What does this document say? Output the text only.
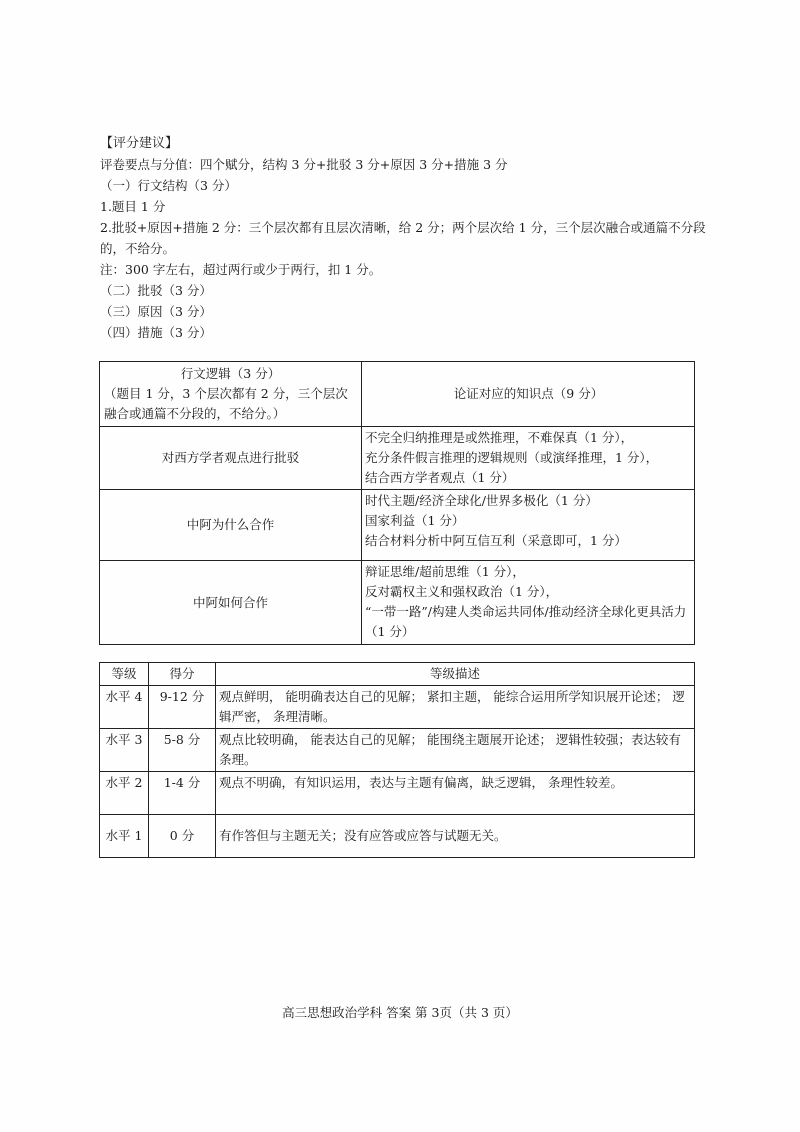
【评分建议】
评卷要点与分值：四个赋分，结构 3 分+批驳 3 分+原因 3 分+措施 3 分
（一）行文结构（3 分）
1.题目 1 分
2.批驳+原因+措施 2 分：三个层次都有且层次清晰，给 2 分；两个层次给 1 分，三个层次融合或通篇不分段的，不给分。
注：300 字左右，超过两行或少于两行，扣 1 分。
（二）批驳（3 分）
（三）原因（3 分）
（四）措施（3 分）
行文逻辑（3 分）
（题目 1 分，3 个层次都有 2 分，三个层次融合或通篇不分段的，不给分。）	论证对应的知识点（9 分）
对西方学者观点进行批驳	不完全归纳推理是或然推理，不难保真（1 分），
充分条件假言推理的逻辑规则（或演绎推理，1 分），
结合西方学者观点（1 分）

中阿为什么合作	时代主题/经济全球化/世界多极化（1 分）
国家利益（1 分）
结合材料分析中阿互信互利（采意即可，1 分）

中阿如何合作	辩证思维/超前思维（1 分），
反对霸权主义和强权政治（1 分），
“一带一路”/构建人类命运共同体/推动经济全球化更具活力（1 分）
等级	得分	等级描述
水平 4	9-12 分	观点鲜明， 能明确表达自己的见解； 紧扣主题， 能综合运用所学知识展开论述； 逻辑严密， 条理清晰。
水平 3	5-8 分	观点比较明确， 能表达自己的见解； 能围绕主题展开论述； 逻辑性较强；表达较有条理。
水平 2	1-4 分	观点不明确，有知识运用，表达与主题有偏离，缺乏逻辑， 条理性较差。
水平 1	0 分	有作答但与主题无关；没有应答或应答与试题无关。
高三思想政治学科 答案 第 3页（共 3 页）
